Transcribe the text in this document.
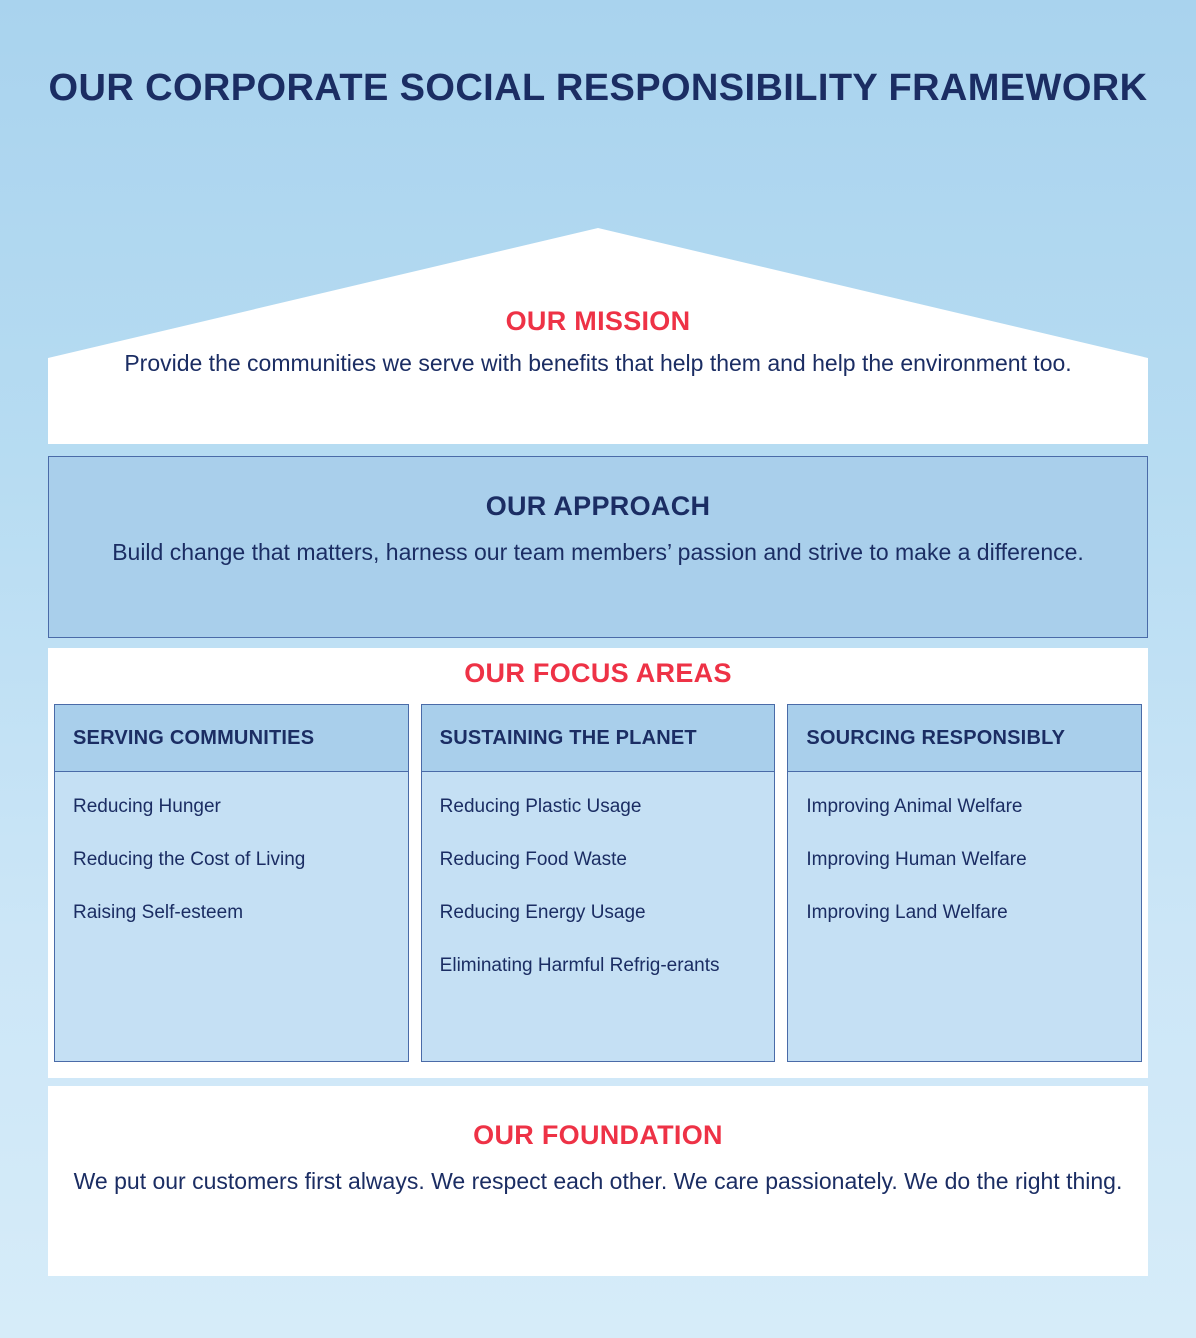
OUR CORPORATE SOCIAL RESPONSIBILITY FRAMEWORK
OUR MISSION
Provide the communities we serve with benefits that help them and help the environment too.
OUR APPROACH
Build change that matters, harness our team members’ passion and strive to make a difference.
OUR FOCUS AREAS
SERVING COMMUNITIES
Reducing Hunger
Reducing the Cost of Living
Raising Self-esteem
SUSTAINING THE PLANET
Reducing Plastic Usage
Reducing Food Waste
Reducing Energy Usage
Eliminating Harmful Refrig-erants
SOURCING RESPONSIBLY
Improving Animal Welfare
Improving Human Welfare
Improving Land Welfare
OUR FOUNDATION
We put our customers first always. We respect each other. We care passionately. We do the right thing.
